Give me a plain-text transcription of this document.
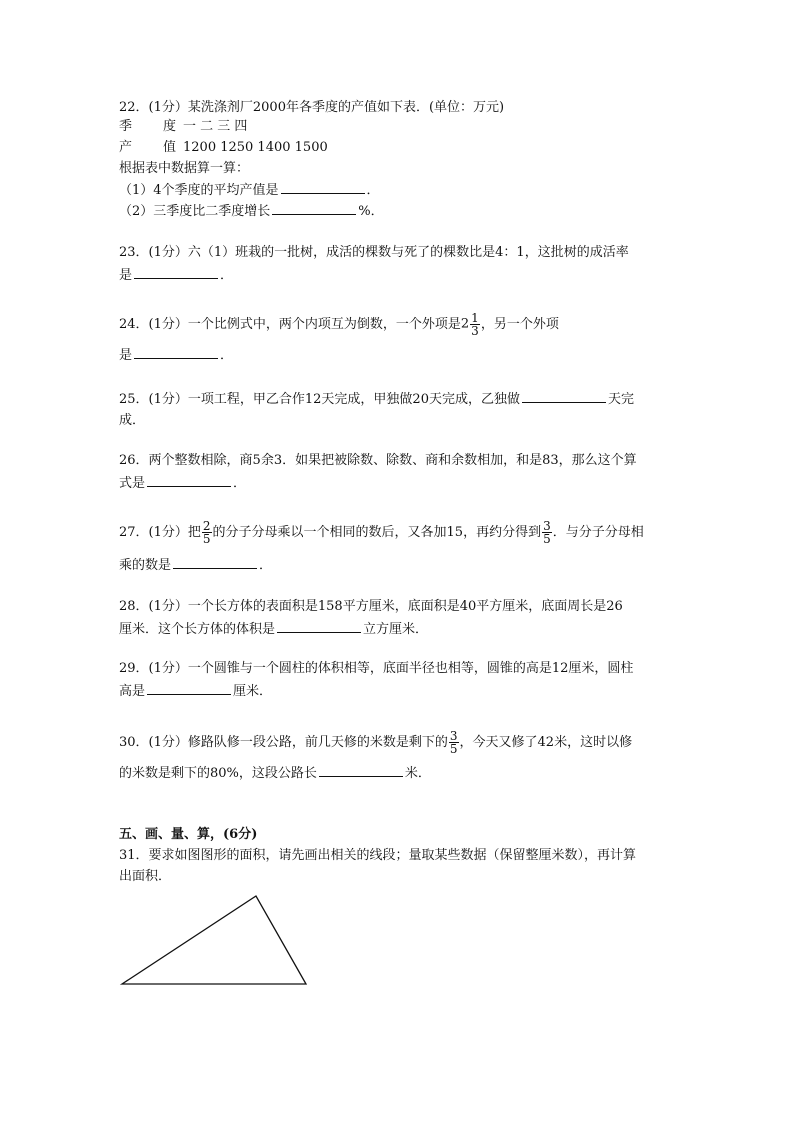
22．(1分）某洗涤剂厂2000年各季度的产值如下表．(单位：万元)
季 度 一 二 三 四
产 值 1200 1250 1400 1500
根据表中数据算一算：
（1）4个季度的平均产值是	．
（2）三季度比二季度增长	%．
23．(1分）六（1）班栽的一批树，成活的棵数与死了的棵数比是4：1，这批树的成活率
是	．
24．(1分）一个比例式中，两个内项互为倒数，一个外项是$2 \frac{1}{3}$ ，另一个外项
是	．
25．(1分）一项工程，甲乙合作12天完成，甲独做20天完成，乙独做	天完
成．
26．两个整数相除，商5余3．如果把被除数、除数、商和余数相加，和是83，那么这个算
式是	．
27．(1分）把 $\frac{2}{5}$ 的分子分母乘以一个相同的数后，又各加15，再约分得到 $\frac{3}{5}$ ．与分子分母相
乘的数是	．
28．(1分）一个长方体的表面积是158平方厘米，底面积是40平方厘米，底面周长是26
厘米．这个长方体的体积是	立方厘米．
29．(1分）一个圆锥与一个圆柱的体积相等，底面半径也相等，圆锥的高是12厘米，圆柱
高是	厘米．
30．(1分）修路队修一段公路，前几天修的米数是剩下的 $\frac{3}{5}$ ，今天又修了42米，这时以修
的米数是剩下的80%，这段公路长	米．
五、画、量、算，(6分)
31．要求如图图形的面积，请先画出相关的线段；量取某些数据（保留整厘米数），再计算
出面积．
